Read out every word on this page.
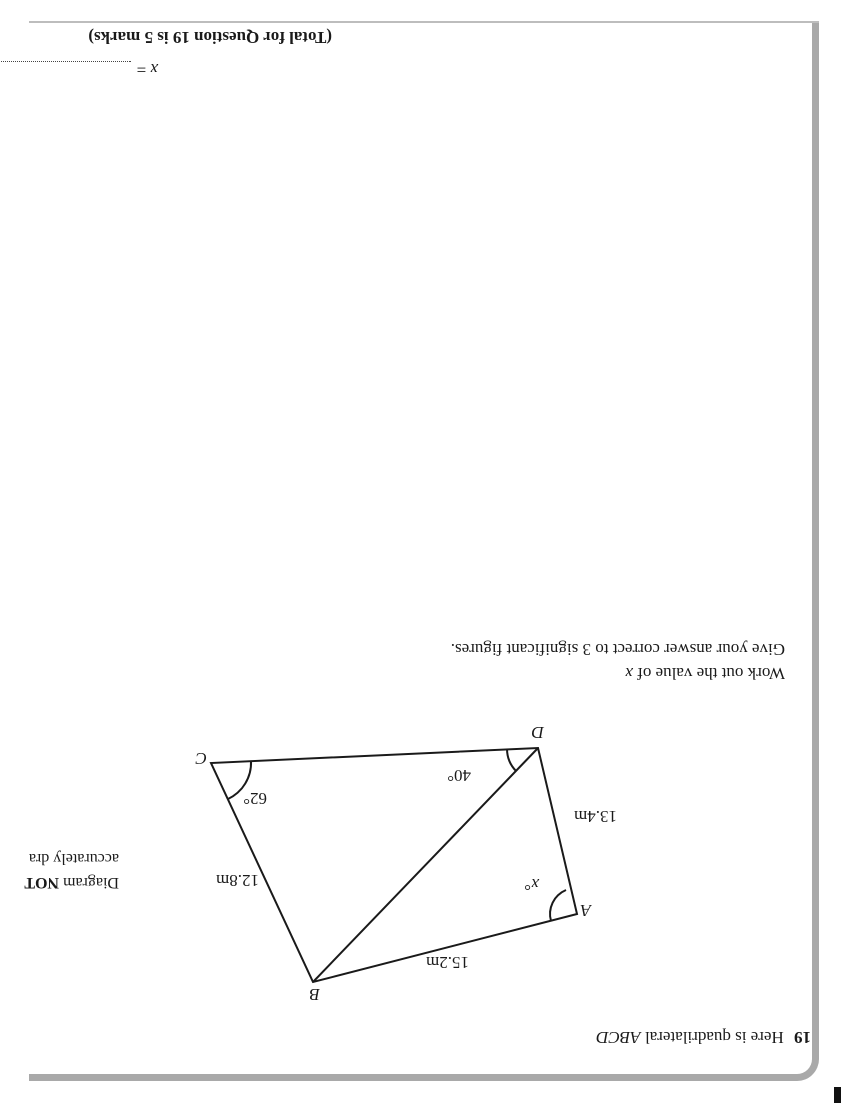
19 Here is quadrilateral ABCD
Diagram NOT
accurately dra
A
B
C
D
15.2m
12.8m
13.4m
x°
62°
40°
Work out the value of x
Give your answer correct to 3 significant figures.
x =
(Total for Question 19 is 5 marks)
